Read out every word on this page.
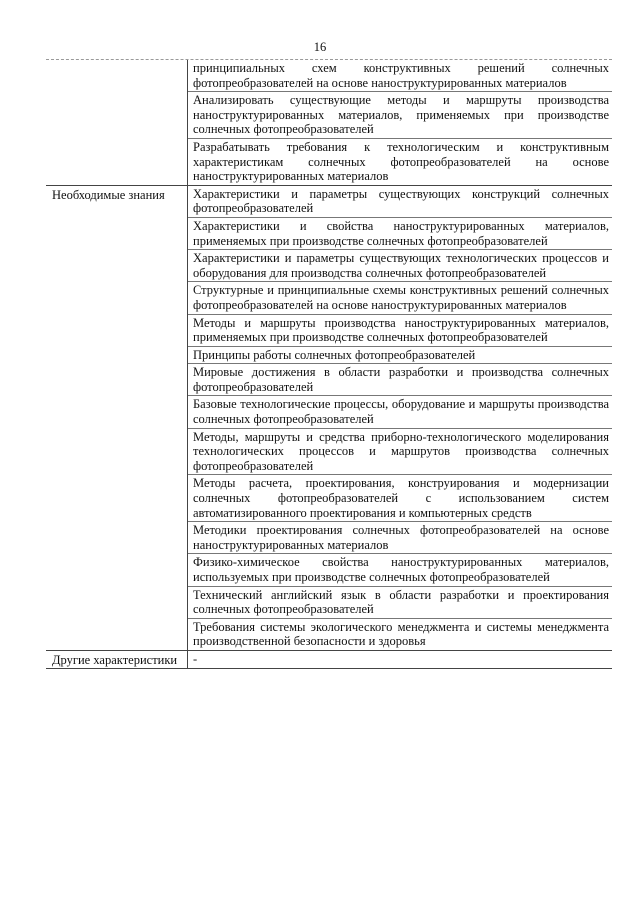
16
принципиальных схем конструктивных решений солнечных фотопреобразователей на основе наноструктурированных материалов
Анализировать существующие методы и маршруты производства наноструктурированных материалов, применяемых при производстве солнечных фотопреобразователей
Разрабатывать требования к технологическим и конструктивным характеристикам солнечных фотопреобразователей на основе наноструктурированных материалов
Необходимые знания	Характеристики и параметры существующих конструкций солнечных фотопреобразователей
Характеристики и свойства наноструктурированных материалов, применяемых при производстве солнечных фотопреобразователей
Характеристики и параметры существующих технологических процессов и оборудования для производства солнечных фотопреобразователей
Структурные и принципиальные схемы конструктивных решений солнечных фотопреобразователей на основе наноструктурированных материалов
Методы и маршруты производства наноструктурированных материалов, применяемых при производстве солнечных фотопреобразователей
Принципы работы солнечных фотопреобразователей
Мировые достижения в области разработки и производства солнечных фотопреобразователей
Базовые технологические процессы, оборудование и маршруты производства солнечных фотопреобразователей
Методы, маршруты и средства приборно-технологического моделирования технологических процессов и маршрутов производства солнечных фотопреобразователей
Методы расчета, проектирования, конструирования и модернизации солнечных фотопреобразователей с использованием систем автоматизированного проектирования и компьютерных средств
Методики проектирования солнечных фотопреобразователей на основе наноструктурированных материалов
Физико-химическое свойства наноструктурированных материалов, используемых при производстве солнечных фотопреобразователей
Технический английский язык в области разработки и проектирования солнечных фотопреобразователей
Требования системы экологического менеджмента и системы менеджмента производственной безопасности и здоровья
Другие характеристики	-
